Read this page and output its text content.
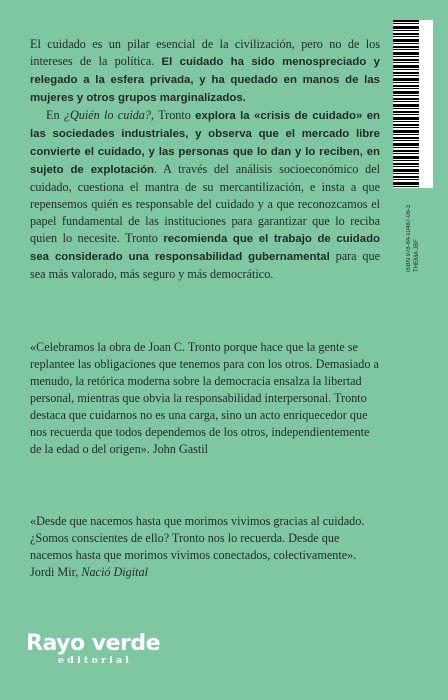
El cuidado es un pilar esencial de la civilización, pero no de los intereses de la política. El cuidado ha sido menospreciado y relegado a la esfera privada, y ha quedado en manos de las mujeres y otros grupos marginalizados.

En ¿Quién lo cuida?, Tronto explora la «crisis de cuidado» en las sociedades industriales, y observa que el mercado libre convierte el cuidado, y las personas que lo dan y lo reciben, en sujeto de explotación. A través del análisis socioeconómico del cuidado, cuestiona el mantra de su mercantilización, e insta a que repensemos quién es responsable del cuidado y a que reconozcamos el papel fundamental de las instituciones para garantizar que lo reciba quien lo necesite. Tronto recomienda que el trabajo de cuidado sea considerado una responsabilidad gubernamental para que sea más valorado, más seguro y más democrático.

«Celebramos la obra de Joan C. Tronto porque hace que la gente se replantee las obligaciones que tenemos para con los otros. Demasiado a menudo, la retórica moderna sobre la democracia ensalza la libertad personal, mientras que obvia la responsabilidad interpersonal. Tronto destaca que cuidarnos no es una carga, sino un acto enriquecedor que nos recuerda que todos dependemos de los otros, independientemente de la edad o del origen». John Gastil

«Desde que nacemos hasta que morimos vivimos gracias al cuidado. ¿Somos conscientes de ello? Tronto nos lo recuerda. Desde que nacemos hasta que morimos vivimos conectados, colectivamente». Jordi Mir, Nació Digital

ISBN 978-84-10487-06-3 THEMA JBF
Rayo verde
editorial
